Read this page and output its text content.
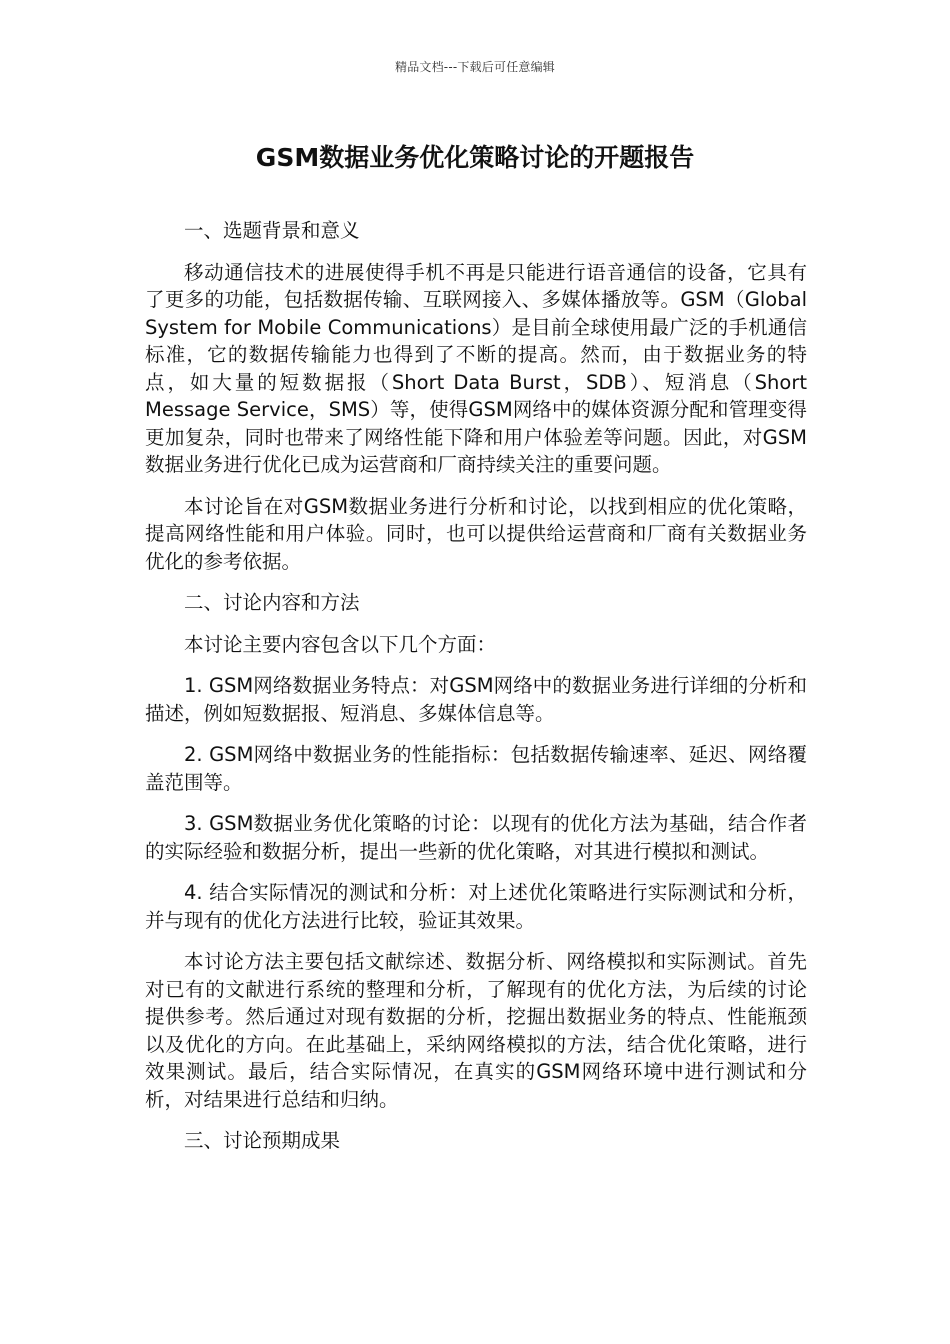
精品文档---下载后可任意编辑
GSM数据业务优化策略讨论的开题报告

一、选题背景和意义

移动通信技术的进展使得手机不再是只能进行语音通信的设备，它具有了更多的功能，包括数据传输、互联网接入、多媒体播放等。GSM（Global System for Mobile Communications）是目前全球使用最广泛的手机通信标准，它的数据传输能力也得到了不断的提高。然而，由于数据业务的特点，如大量的短数据报（Short Data Burst，SDB）、短消息（Short Message Service，SMS）等，使得GSM网络中的媒体资源分配和管理变得更加复杂，同时也带来了网络性能下降和用户体验差等问题。因此，对GSM数据业务进行优化已成为运营商和厂商持续关注的重要问题。

本讨论旨在对GSM数据业务进行分析和讨论，以找到相应的优化策略，提高网络性能和用户体验。同时，也可以提供给运营商和厂商有关数据业务优化的参考依据。

二、讨论内容和方法

本讨论主要内容包含以下几个方面：

1. GSM网络数据业务特点：对GSM网络中的数据业务进行详细的分析和描述，例如短数据报、短消息、多媒体信息等。

2. GSM网络中数据业务的性能指标：包括数据传输速率、延迟、网络覆盖范围等。

3. GSM数据业务优化策略的讨论：以现有的优化方法为基础，结合作者的实际经验和数据分析，提出一些新的优化策略，对其进行模拟和测试。

4. 结合实际情况的测试和分析：对上述优化策略进行实际测试和分析，并与现有的优化方法进行比较，验证其效果。

本讨论方法主要包括文献综述、数据分析、网络模拟和实际测试。首先对已有的文献进行系统的整理和分析，了解现有的优化方法，为后续的讨论提供参考。然后通过对现有数据的分析，挖掘出数据业务的特点、性能瓶颈以及优化的方向。在此基础上，采纳网络模拟的方法，结合优化策略，进行效果测试。最后，结合实际情况，在真实的GSM网络环境中进行测试和分析，对结果进行总结和归纳。

三、讨论预期成果
